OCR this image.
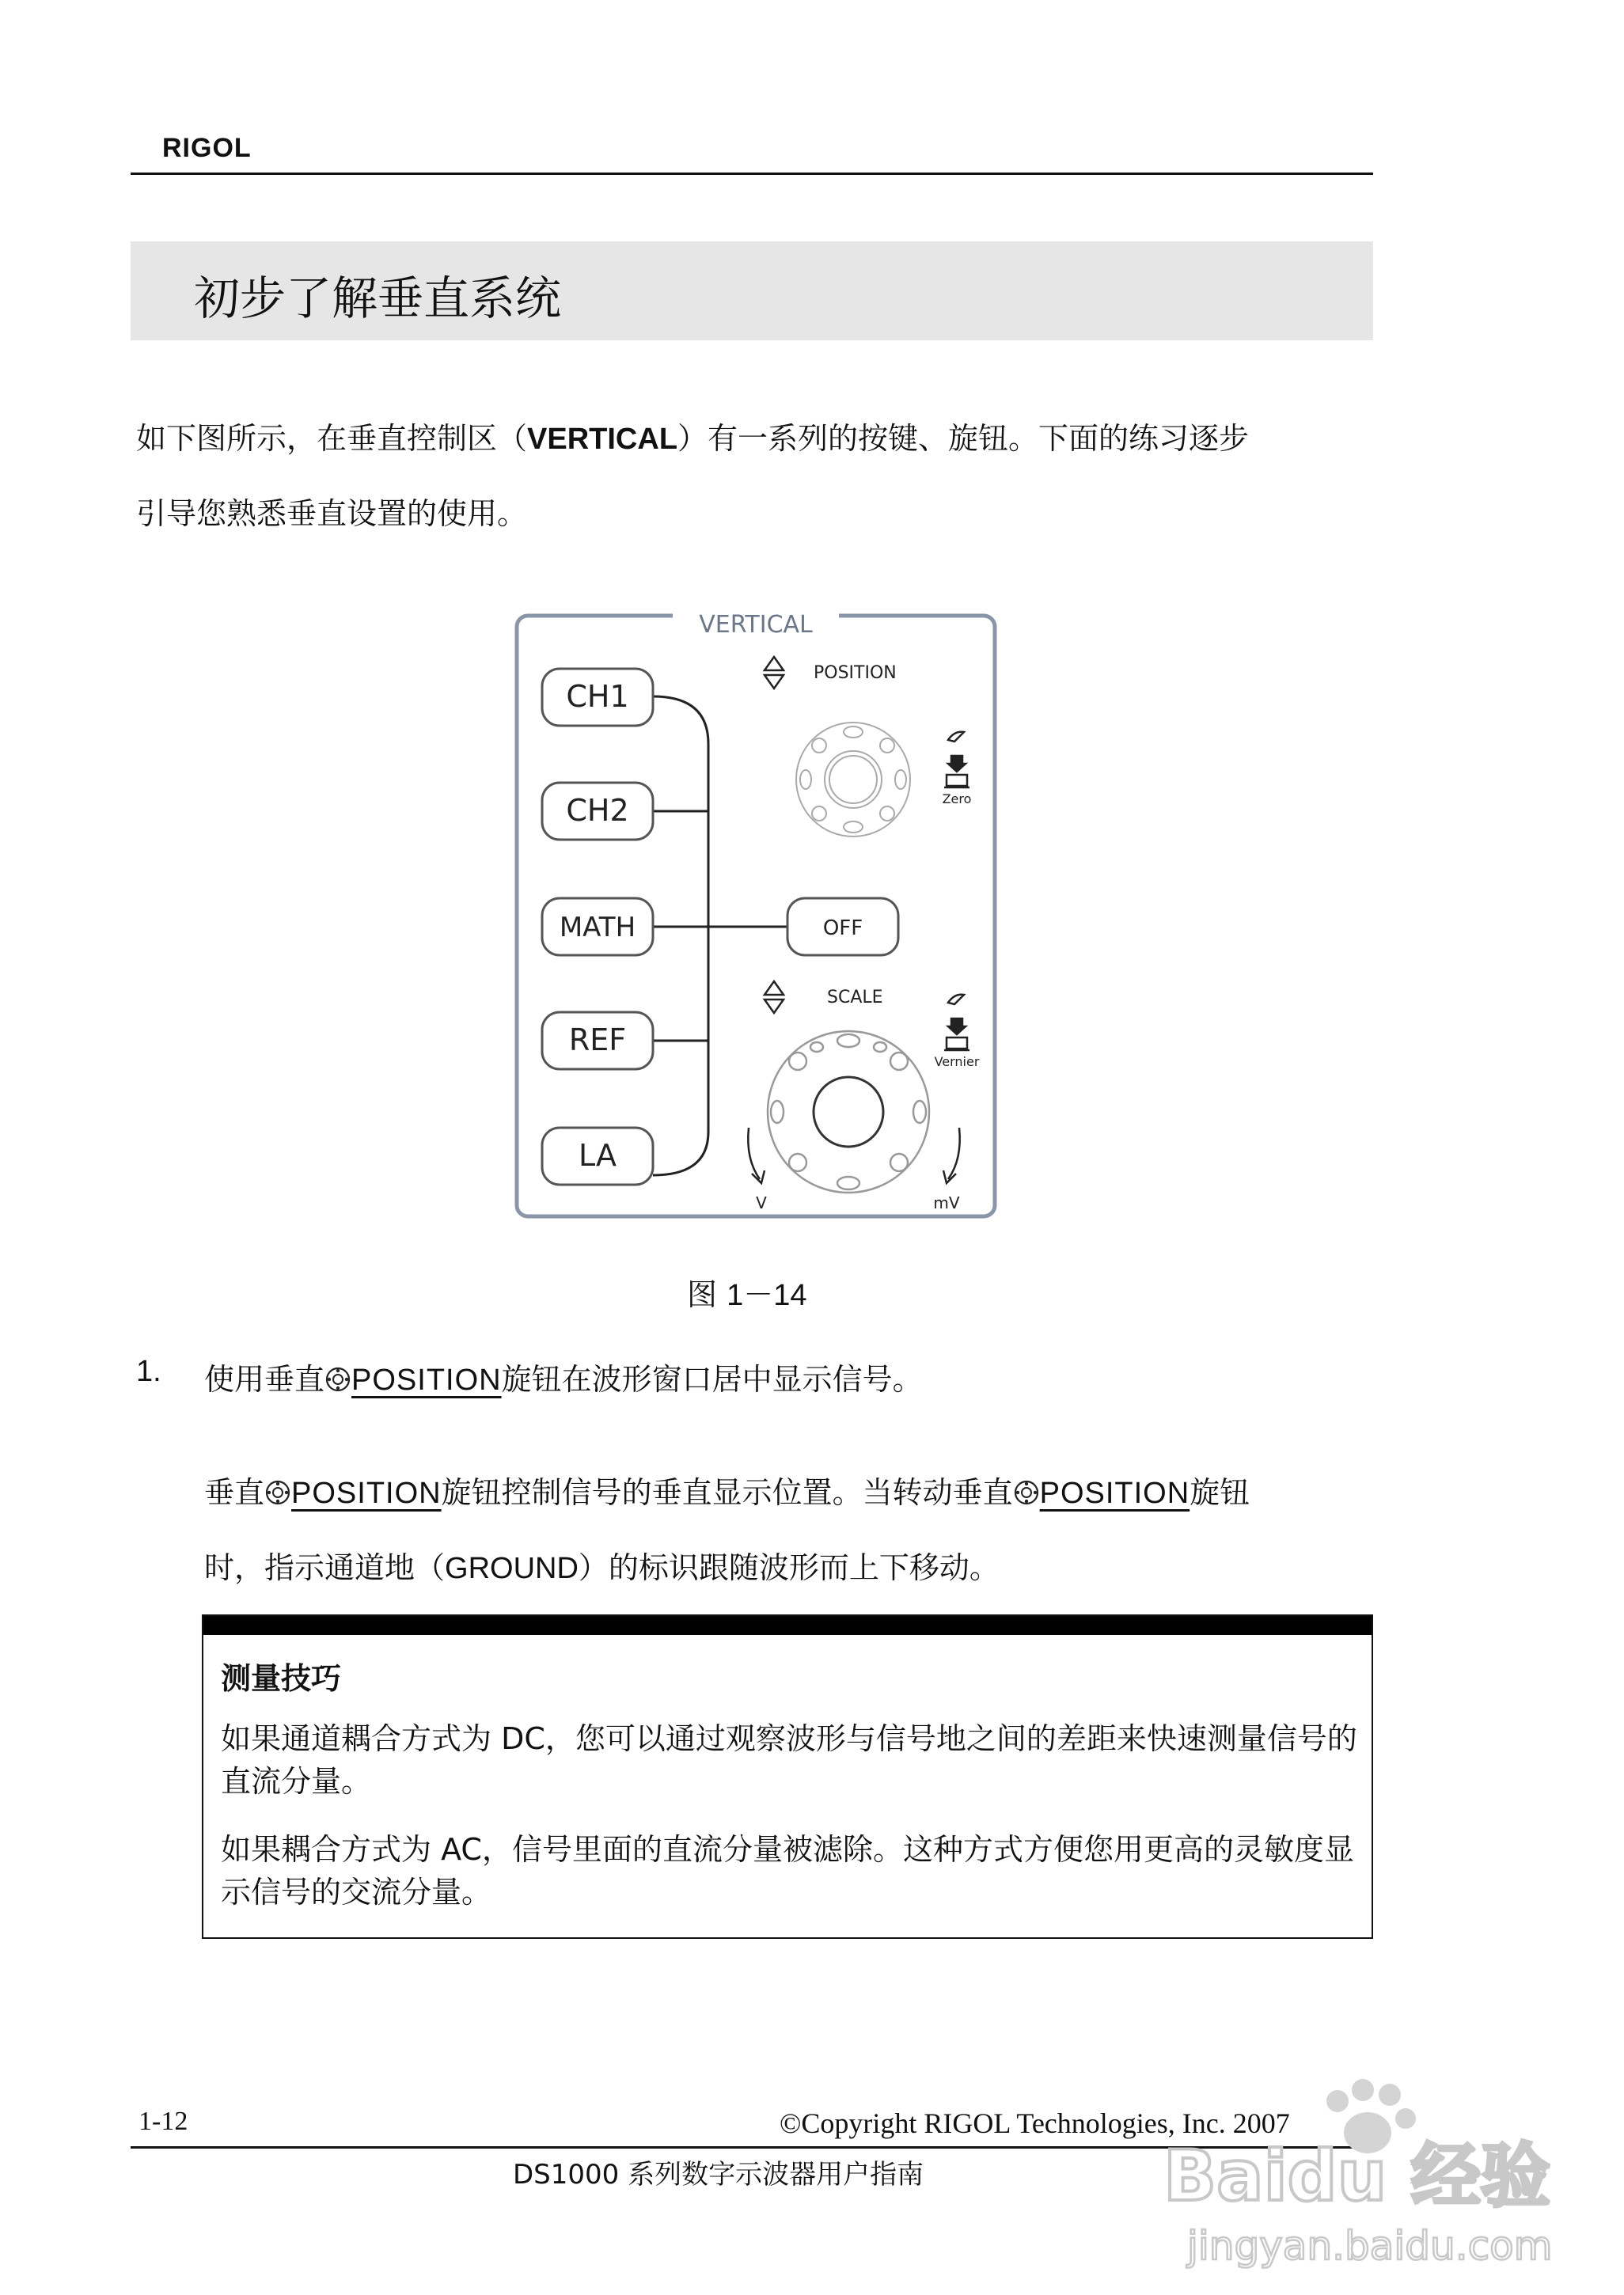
RIGOL
初步了解垂直系统
如下图所示，在垂直控制区（VERTICAL）有一系列的按键、旋钮。下面的练习逐步
引导您熟悉垂直设置的使用。
VERTICAL
CH1
CH2
MATH
REF
LA
OFF
POSITION
Zero
SCALE
Vernier
V	mV
图 1－14
1. 使用垂直 POSITION旋钮在波形窗口居中显示信号。
垂直 POSITION旋钮控制信号的垂直显示位置。当转动垂直 POSITION旋钮
时，指示通道地（GROUND）的标识跟随波形而上下移动。
测量技巧
如果通道耦合方式为 DC，您可以通过观察波形与信号地之间的差距来快速测量信号的直流分量。
如果耦合方式为 AC，信号里面的直流分量被滤除。这种方式方便您用更高的灵敏度显示信号的交流分量。
1-12	©Copyright RIGOL Technologies, Inc. 2007
DS1000 系列数字示波器用户指南	Baidu 经验
jingyan.baidu.com
